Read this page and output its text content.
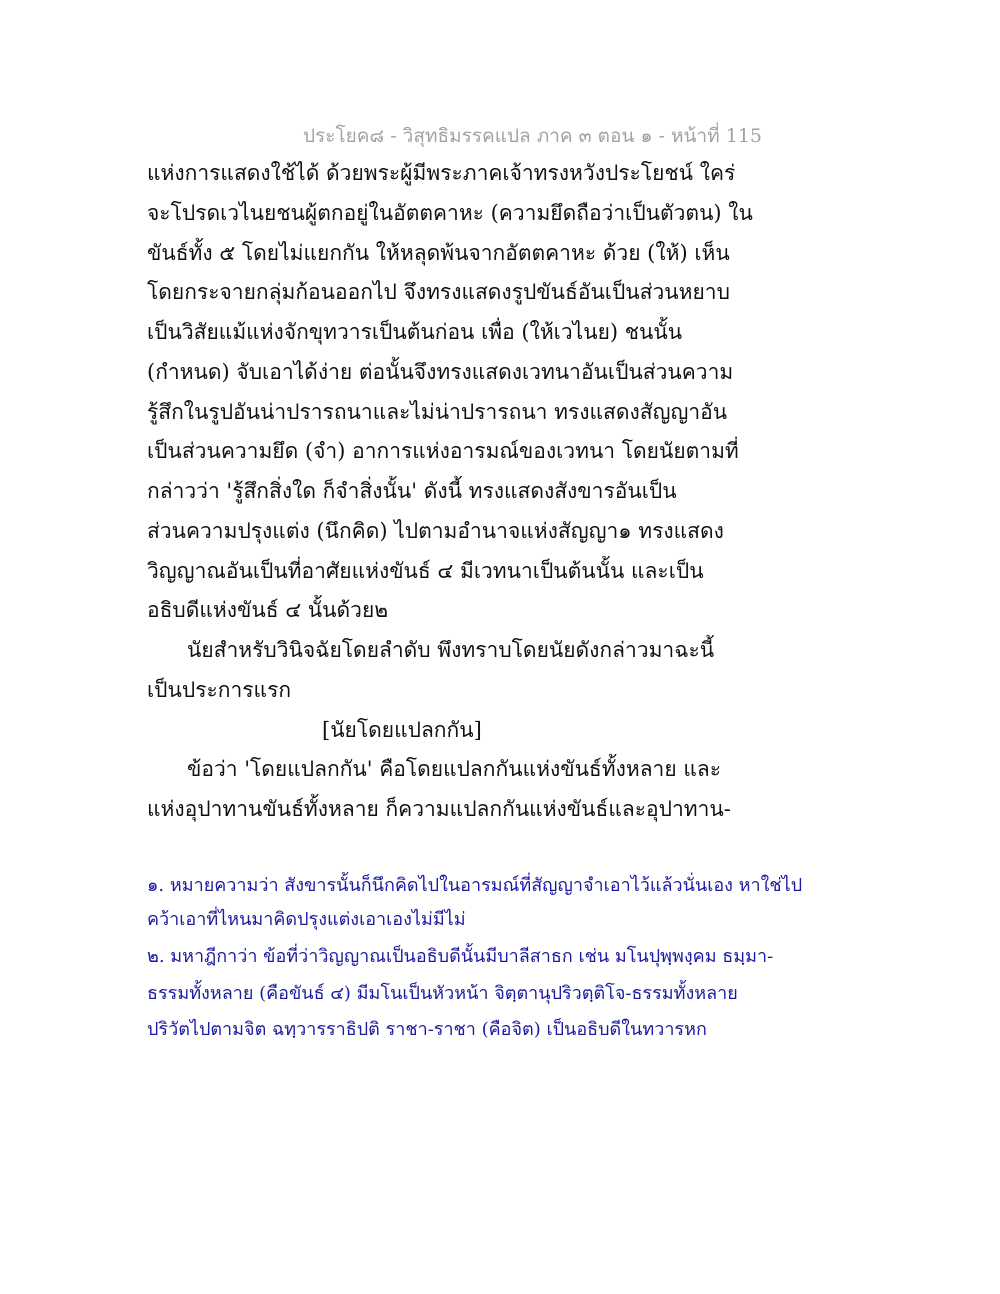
ประโยค๘ - วิสุทธิมรรคแปล ภาค ๓ ตอน ๑ - หน้าที่ 115
แห่งการแสดงใช้ได้ ด้วยพระผู้มีพระภาคเจ้าทรงหวังประโยชน์ ใคร่
จะโปรดเวไนยชนผู้ตกอยู่ในอัตตคาหะ (ความยึดถือว่าเป็นตัวตน) ใน
ขันธ์ทั้ง ๕ โดยไม่แยกกัน ให้หลุดพ้นจากอัตตคาหะ ด้วย (ให้) เห็น
โดยกระจายกลุ่มก้อนออกไป จึงทรงแสดงรูปขันธ์อันเป็นส่วนหยาบ
เป็นวิสัยแม้แห่งจักขุทวารเป็นต้นก่อน เพื่อ (ให้เวไนย) ชนนั้น
(กำหนด) จับเอาได้ง่าย ต่อนั้นจึงทรงแสดงเวทนาอันเป็นส่วนความ
รู้สึกในรูปอันน่าปรารถนาและไม่น่าปรารถนา ทรงแสดงสัญญาอัน
เป็นส่วนความยึด (จำ) อาการแห่งอารมณ์ของเวทนา โดยนัยตามที่
กล่าวว่า 'รู้สึกสิ่งใด ก็จำสิ่งนั้น' ดังนี้ ทรงแสดงสังขารอันเป็น
ส่วนความปรุงแต่ง (นึกคิด) ไปตามอำนาจแห่งสัญญา๑ ทรงแสดง
วิญญาณอันเป็นที่อาศัยแห่งขันธ์ ๔ มีเวทนาเป็นต้นนั้น และเป็น
อธิบดีแห่งขันธ์ ๔ นั้นด้วย๒
นัยสำหรับวินิจฉัยโดยลำดับ พึงทราบโดยนัยดังกล่าวมาฉะนี้
เป็นประการแรก
[นัยโดยแปลกกัน]
ข้อว่า 'โดยแปลกกัน' คือโดยแปลกกันแห่งขันธ์ทั้งหลาย และ
แห่งอุปาทานขันธ์ทั้งหลาย ก็ความแปลกกันแห่งขันธ์และอุปาทาน-
๑. หมายความว่า สังขารนั้นก็นึกคิดไปในอารมณ์ที่สัญญาจำเอาไว้แล้วนั่นเอง หาใช่ไป
คว้าเอาที่ไหนมาคิดปรุงแต่งเอาเองไม่มีไม่
๒. มหาฎีกาว่า ข้อที่ว่าวิญญาณเป็นอธิบดีนั้นมีบาลีสาธก เช่น มโนปุพฺพงฺคม ธมฺมา-
ธรรมทั้งหลาย (คือขันธ์ ๔) มีมโนเป็นหัวหน้า จิตฺตานุปริวตฺติโจ-ธรรมทั้งหลาย
ปริวัตไปตามจิต ฉทฺวารราธิปติ ราชา-ราชา (คือจิต) เป็นอธิบดีในทวารหก
